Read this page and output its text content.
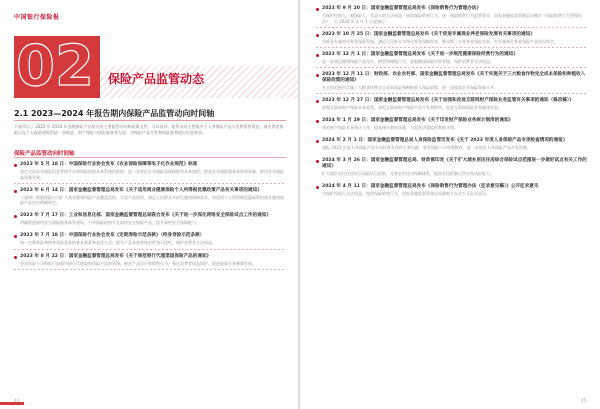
中国银行保险报
02 保险产品监管动态
2.1 2023—2024 年报告期内保险产品监管动向时间轴
下面列示了 2023 年 2024 年金融保险产品相关的主要监管动向和政策文件。可以看到，监管动向主要集中于人身保险产品开发和销售规范、商业养老保险以及个人税收递延的进一步推进、财产保险与保险服务等方面，对保险产品开发和保险服务提出更高要求。
保险产品监管动向时间轴
2023 年 5 月 18 日：中国保险行业协会发布《农业保险保障等电子化作业规范》标准
通过全国农业保险信息管理平台和保险机构业务系统的衔接，进一步规范农业保险承保理赔等业务流程，提高农业保险服务效率和质量，推动农业保险高质量发展。
2023 年 6 月 14 日：国家金融监督管理总局发布《关于适用商业健康保险个人所得税优惠政策产品有关事项的通知》
《通知》鼓励保险公司扩大商业健康保险产品覆盖范围，丰富产品供给，满足人民群众多样化健康保障需求，对适用个人所得税优惠政策的商业健康保险产品作出明确规定。
2023 年 7 月 17 日：工业和信息化部、国家金融监督管理总局联合发布《关于进一步深化网络安全保险试点工作的通知》
明确推进网络安全保险服务体系建设，引导保险机构开发网络安全保险产品，提升网络安全保障能力。
2023 年 7 月 18 日：中国保险行业协会发布《定期寿险示范条款》（终身寿险示范条款）
统一定期寿险和终身寿险条款的基本要素和表述方式，提升产品条款的规范性和可读性，保护消费者合法权益。
2023 年 8 月 22 日：国家金融监督管理总局发布《关于规范银行代理渠道保险产品的通知》
要求保险公司和银行加强对银行代理渠道保险产品的管理，规范产品设计和销售行为，强化消费者权益保护，促进银保业务健康发展。
44	45
2023 年 9 月 20 日：国家金融监督管理总局发布《保险销售行为管理办法》
为保护投保人、被保险人、受益人的合法权益，规范保险销售行为，统一保险销售行为监管要求，国家金融监督管理总局制定《保险销售行为管理办法》，自 2024 年 3 月 1 日起施行。
2023 年 10 月 25 日：国家金融监督管理总局发布《关于促进专属商业养老保险发展有关事项的通知》
为推进专属商业养老保险发展，满足人民群众多样化养老保障需求，推动第三支柱养老保险发展，对专属商业养老保险产品作出规定。
2023 年 12 月 1 日：国家金融监督管理总局发布《关于进一步规范健康保险经营行为的通知》
进一步规范健康保险产品设计、销售和理赔行为，加强健康保险经营管理，保护消费者合法权益。
2023 年 12 月 11 日：财政部、农业农村部、国家金融监督管理总局发布《关于实施关于三大粮食作物完全成本保险和种植收入保险政策的通知》
在全国范围内实施三大粮食作物完全成本保险和种植收入保险政策，进一步提高农业保险保障水平。
2023 年 12 月 27 日：国家金融监督管理总局发布《关于加强和改进互联网财产保险业务监管有关事项的通知（修改稿）》
加强互联网财产保险业务监管，规范互联网财产保险产品开发和销售，促进互联网保险业务健康发展。
2024 年 1 月 29 日：国家金融监督管理总局发布《关于印发财产保险业务统计制度的通知》
规范财产保险业务统计工作，提高统计数据质量，为监管决策提供数据支撑。
2024 年 2 月 1 日：国家金融监督管理总局人身保险监管司发布《关于 2023 年度人身保险产品专项检查情况的通报》
通报 2023 年度人身保险产品专项检查发现的主要问题，要求保险公司对照整改，进一步规范人身保险产品开发管理。
2024 年 3 月 26 日：国家金融监督管理总局、财政部印发《关于扩大城乡居民住房综合保险试点范围进一步做好试点有关工作的通知》
扩大城乡居民住房综合保险试点范围，完善农村住房保障体系，提高农民抵御自然灾害风险能力。
2024 年 4 月 11 日：国家金融监督管理总局发布《保险销售行为管理办法（征求意见稿）》公开征求意见
为保护投保人合法权益，规范保险销售行为，国家金融监督管理总局就相关办法公开征求意见。
